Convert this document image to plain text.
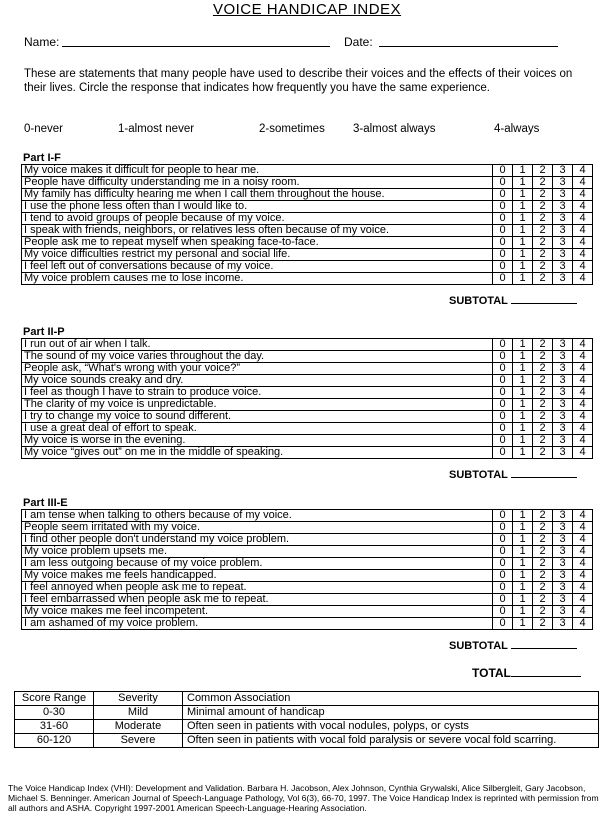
VOICE HANDICAP INDEX
Name:	Date:
These are statements that many people have used to describe their voices and the effects of their voices on their lives. Circle the response that indicates how frequently you have the same experience.
0-never	1-almost never	2-sometimes 3-almost always	4-always
Part I-F
My voice makes it difficult for people to hear me.	0	1	2	3	4
People have difficulty understanding me in a noisy room.	0	1	2	3	4
My family has difficulty hearing me when I call them throughout the house.	0	1	2	3	4
I use the phone less often than I would like to.	0	1	2	3	4
I tend to avoid groups of people because of my voice.	0	1	2	3	4
I speak with friends, neighbors, or relatives less often because of my voice.	0	1	2	3	4
People ask me to repeat myself when speaking face-to-face.	0	1	2	3	4
My voice difficulties restrict my personal and social life.	0	1	2	3	4
I feel left out of conversations because of my voice.	0	1	2	3	4
My voice problem causes me to lose income.	0	1	2	3	4
SUBTOTAL
Part II-P
I run out of air when I talk.	0	1	2	3	4
The sound of my voice varies throughout the day.	0	1	2	3	4
People ask, “What's wrong with your voice?”	0	1	2	3	4
My voice sounds creaky and dry.	0	1	2	3	4
I feel as though I have to strain to produce voice.	0	1	2	3	4
The clarity of my voice is unpredictable.	0	1	2	3	4
I try to change my voice to sound different.	0	1	2	3	4
I use a great deal of effort to speak.	0	1	2	3	4
My voice is worse in the evening.	0	1	2	3	4
My voice “gives out” on me in the middle of speaking.	0	1	2	3	4
SUBTOTAL
Part III-E
I am tense when talking to others because of my voice.	0	1	2	3	4
People seem irritated with my voice.	0	1	2	3	4
I find other people don't understand my voice problem.	0	1	2	3	4
My voice problem upsets me.	0	1	2	3	4
I am less outgoing because of my voice problem.	0	1	2	3	4
My voice makes me feels handicapped.	0	1	2	3	4
I feel annoyed when people ask me to repeat.	0	1	2	3	4
I feel embarrassed when people ask me to repeat.	0	1	2	3	4
My voice makes me feel incompetent.	0	1	2	3	4
I am ashamed of my voice problem.	0	1	2	3	4
SUBTOTAL
TOTAL
Score Range	Severity	Common Association
0-30	Mild	Minimal amount of handicap
31-60	Moderate	Often seen in patients with vocal nodules, polyps, or cysts
60-120	Severe	Often seen in patients with vocal fold paralysis or severe vocal fold scarring.
The Voice Handicap Index (VHI): Development and Validation. Barbara H. Jacobson, Alex Johnson, Cynthia Grywalski, Alice Silbergleit, Gary Jacobson, Michael S. Benninger. American Journal of Speech-Language Pathology, Vol 6(3), 66-70, 1997. The Voice Handicap Index is reprinted with permission from all authors and ASHA. Copyright 1997-2001 American Speech-Language-Hearing Association.
